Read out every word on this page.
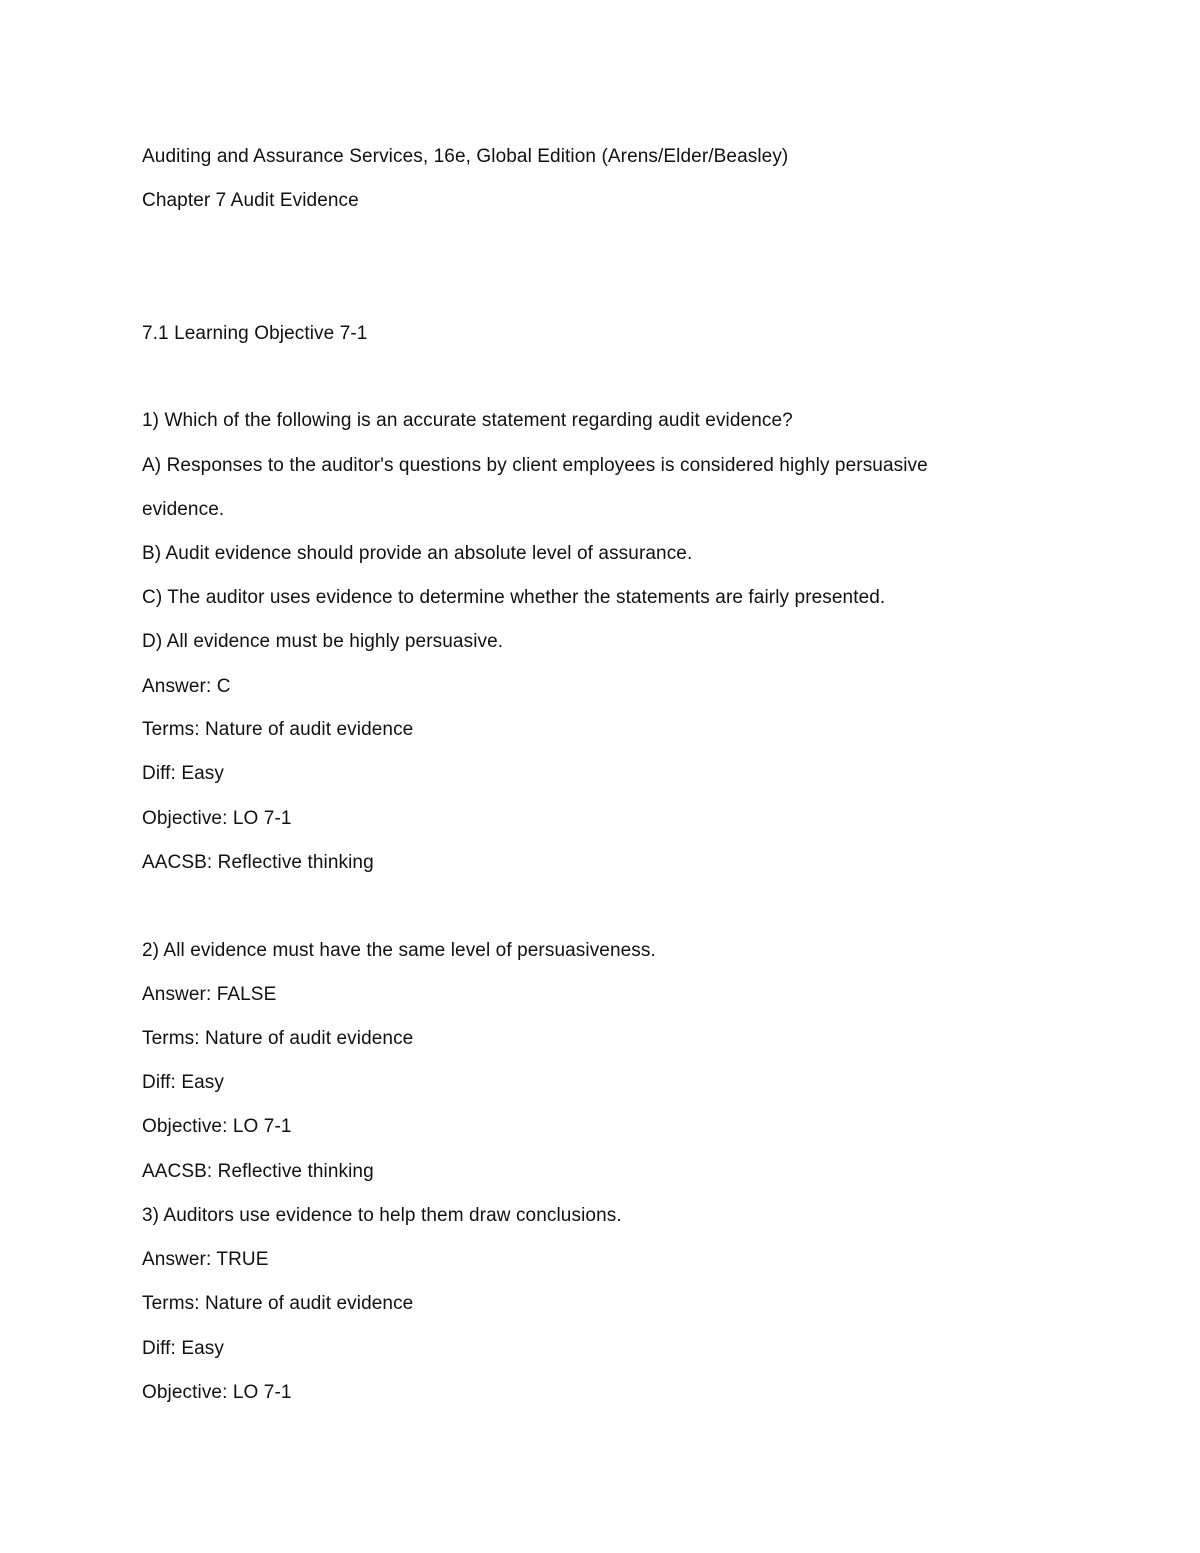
Auditing and Assurance Services, 16e, Global Edition (Arens/Elder/Beasley)
Chapter 7 Audit Evidence
7.1 Learning Objective 7-1
1) Which of the following is an accurate statement regarding audit evidence?
A) Responses to the auditor's questions by client employees is considered highly persuasive
evidence.
B) Audit evidence should provide an absolute level of assurance.
C) The auditor uses evidence to determine whether the statements are fairly presented.
D) All evidence must be highly persuasive.
Answer: C
Terms: Nature of audit evidence
Diff: Easy
Objective: LO 7-1
AACSB: Reflective thinking
2) All evidence must have the same level of persuasiveness.
Answer: FALSE
Terms: Nature of audit evidence
Diff: Easy
Objective: LO 7-1
AACSB: Reflective thinking
3) Auditors use evidence to help them draw conclusions.
Answer: TRUE
Terms: Nature of audit evidence
Diff: Easy
Objective: LO 7-1
